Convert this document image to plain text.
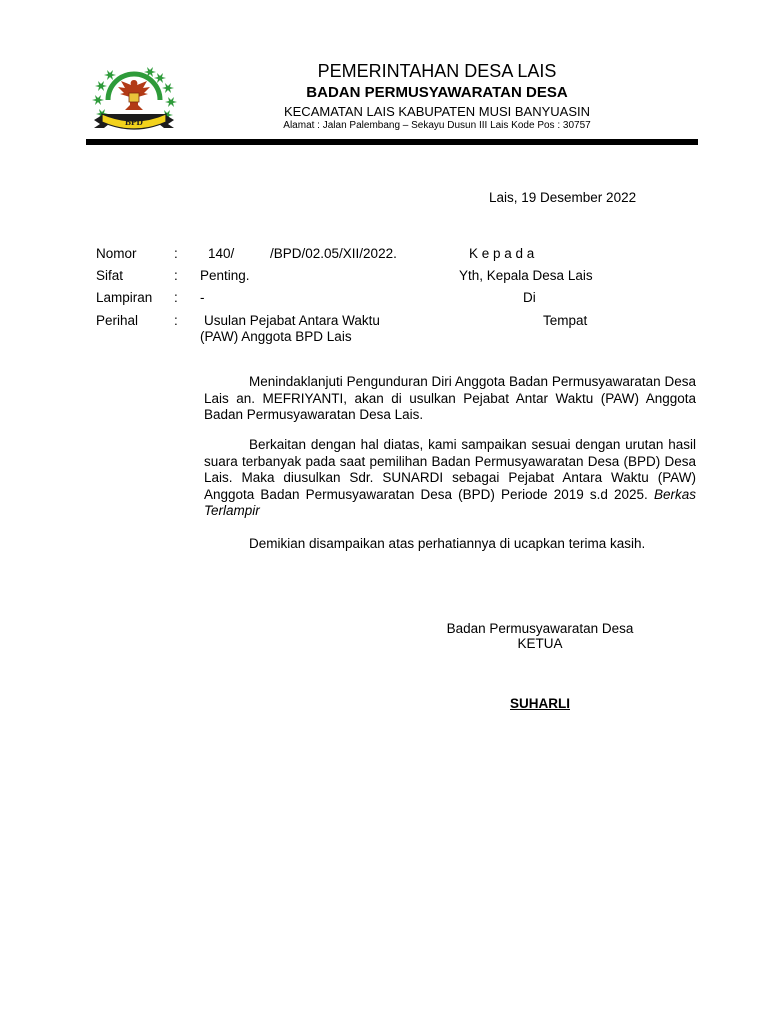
BPD
PEMERINTAHAN DESA LAIS
BADAN PERMUSYAWARATAN DESA
KECAMATAN LAIS KABUPATEN MUSI BANYUASIN
Alamat : Jalan Palembang – Sekayu Dusun III Lais Kode Pos : 30757
Lais, 19 Desember 2022
Nomor	: 140/	/BPD/02.05/XII/2022.
Sifat	: Penting.
Lampiran : -
Perihal	: Usulan Pejabat Antara Waktu
(PAW) Anggota BPD Lais
K e p a d a
Yth, Kepala Desa Lais
Di
Tempat

Menindaklanjuti Pengunduran Diri Anggota Badan Permusyawaratan Desa Lais an. MEFRIYANTI, akan di usulkan Pejabat Antar Waktu (PAW) Anggota Badan Permusyawaratan Desa Lais.

Berkaitan dengan hal diatas, kami sampaikan sesuai dengan urutan hasil suara terbanyak pada saat pemilihan Badan Permusyawaratan Desa (BPD) Desa Lais. Maka diusulkan Sdr. SUNARDI sebagai Pejabat Antara Waktu (PAW) Anggota Badan Permusyawaratan Desa (BPD) Periode 2019 s.d 2025. Berkas Terlampir

Demikian disampaikan atas perhatiannya di ucapkan terima kasih.

Badan Permusyawaratan Desa
KETUA
SUHARLI
